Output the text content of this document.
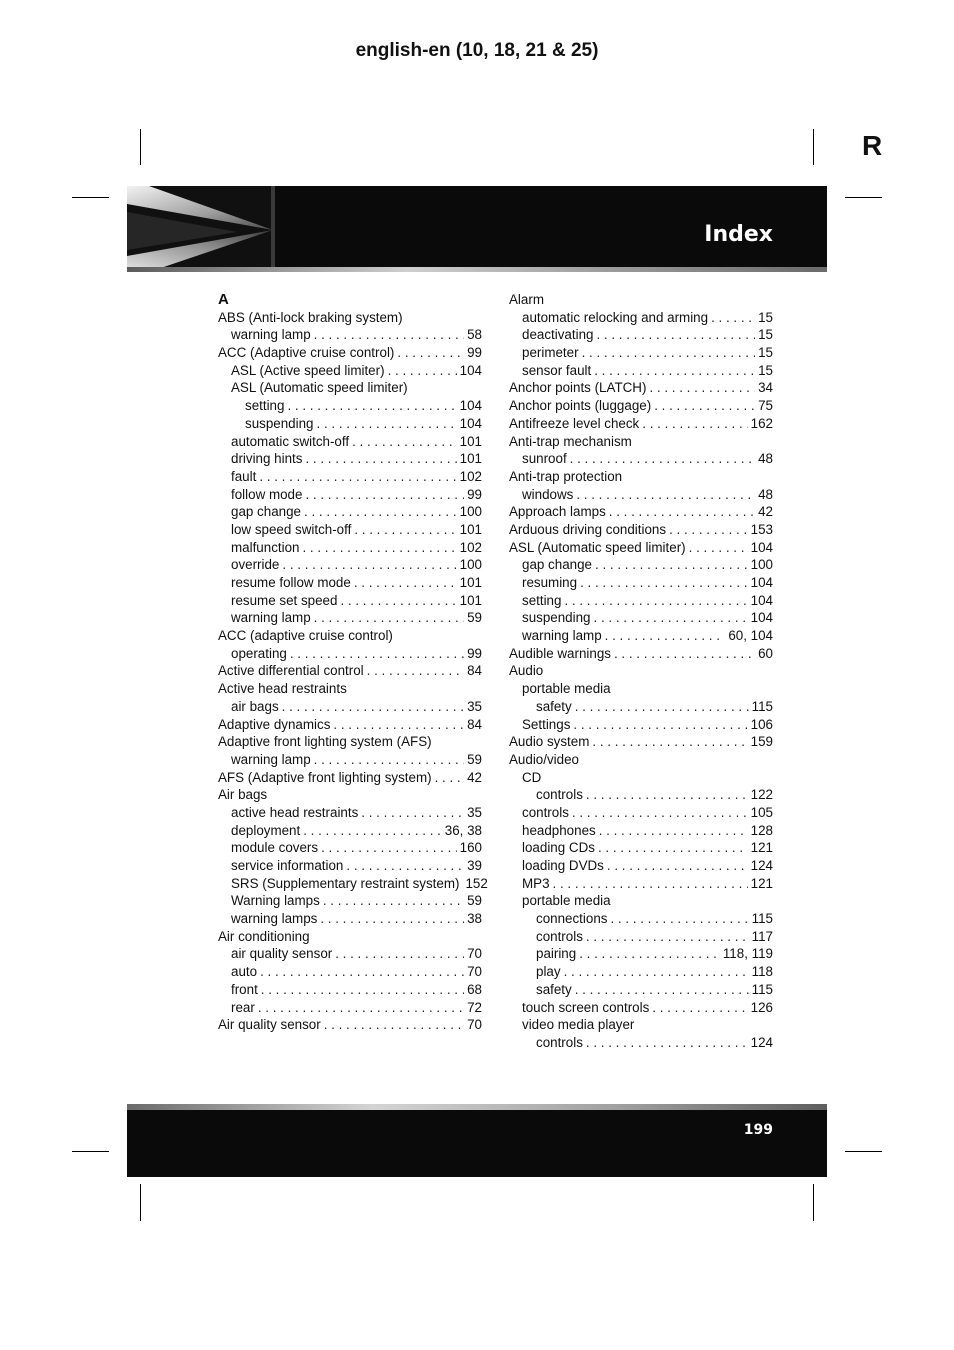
english-en (10, 18, 21 & 25)
R
Index
A
ABS (Anti-lock braking system)
warning lamp . . .	58
ACC (Adaptive cruise control) . . .	99
ASL (Active speed limiter) . . .	104
ASL (Automatic speed limiter)
setting . . .	104
suspending . . .	104
automatic switch-off . . .	101
driving hints . . .	101
fault . . .	102
follow mode . . .	99
gap change . . .	100
low speed switch-off . . .	101
malfunction . . .	102
override . . .	100
resume follow mode . . .	101
resume set speed . . .	101
warning lamp . . .	59
ACC (adaptive cruise control)
operating . . .	99
Active differential control . . .	84
Active head restraints
air bags . . .	35
Adaptive dynamics . . .	84
Adaptive front lighting system (AFS)
warning lamp . . .	59
AFS (Adaptive front lighting system) . . .	42
Air bags
active head restraints . . .	35
deployment . . .	36, 38
module covers . . .	160
service information . . .	39
SRS (Supplementary restraint system) 152
Warning lamps . . .	59
warning lamps . . .	38
Air conditioning
air quality sensor . . .	70
auto . . .	70
front . . .	68
rear . . .	72
Air quality sensor . . .	70
Alarm
automatic relocking and arming . . .	15
deactivating . . .	15
perimeter . . .	15
sensor fault . . .	15
Anchor points (LATCH) . . .	34
Anchor points (luggage) . . .	75
Antifreeze level check . . .	162
Anti-trap mechanism
sunroof . . .	48
Anti-trap protection
windows . . .	48
Approach lamps . . .	42
Arduous driving conditions . . .	153
ASL (Automatic speed limiter) . . .	104
gap change . . .	100
resuming . . .	104
setting . . .	104
suspending . . .	104
warning lamp . . .	60, 104
Audible warnings . . .	60
Audio
portable media
safety . . .	115
Settings . . .	106
Audio system . . .	159
Audio/video
CD
controls . . .	122
controls . . .	105
headphones . . .	128
loading CDs . . .	121
loading DVDs . . .	124
MP3 . . .	121
portable media
connections . . .	115
controls . . .	117
pairing . . .	118, 119
play . . .	118
safety . . .	115
touch screen controls . . .	126
video media player
controls . . .	124
199
